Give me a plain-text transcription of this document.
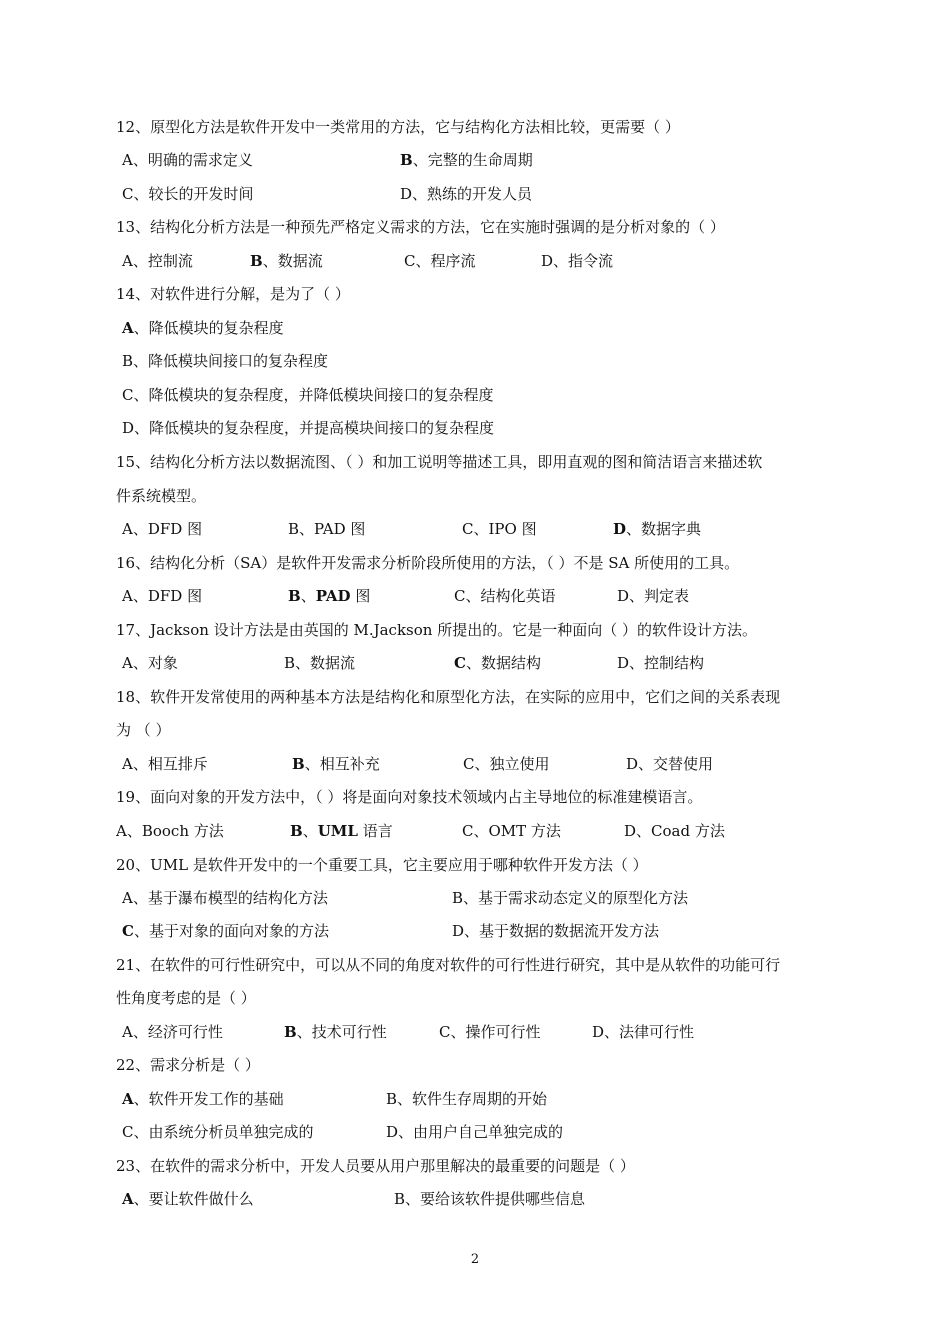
12、原型化方法是软件开发中一类常用的方法，它与结构化方法相比较，更需要（ ）
A、明确的需求定义	B、完整的生命周期
C、较长的开发时间	D、熟练的开发人员
13、结构化分析方法是一种预先严格定义需求的方法，它在实施时强调的是分析对象的（ ）
A、控制流	B、数据流	C、程序流	D、指令流
14、对软件进行分解，是为了（ ）
A、降低模块的复杂程度
B、降低模块间接口的复杂程度
C、降低模块的复杂程度，并降低模块间接口的复杂程度
D、降低模块的复杂程度，并提高模块间接口的复杂程度
15、结构化分析方法以数据流图、（ ）和加工说明等描述工具，即用直观的图和简洁语言来描述软
件系统模型。
A、DFD 图	B、PAD 图	C、IPO 图	D、数据字典
16、结构化分析（SA）是软件开发需求分析阶段所使用的方法，（ ）不是 SA 所使用的工具。
A、DFD 图	B、PAD 图	C、结构化英语	D、判定表
17、Jackson 设计方法是由英国的 M.Jackson 所提出的。它是一种面向（ ）的软件设计方法。
A、对象	B、数据流	C、数据结构	D、控制结构
18、软件开发常使用的两种基本方法是结构化和原型化方法，在实际的应用中，它们之间的关系表现
为 （ ）
A、相互排斥	B、相互补充	C、独立使用	D、交替使用
19、面向对象的开发方法中，（ ）将是面向对象技术领域内占主导地位的标准建模语言。
A、Booch 方法	B、UML 语言	C、OMT 方法	D、Coad 方法
20、UML 是软件开发中的一个重要工具，它主要应用于哪种软件开发方法（ ）
A、基于瀑布模型的结构化方法	B、基于需求动态定义的原型化方法
C、基于对象的面向对象的方法	D、基于数据的数据流开发方法
21、在软件的可行性研究中，可以从不同的角度对软件的可行性进行研究，其中是从软件的功能可行
性角度考虑的是（ ）
A、经济可行性	B、技术可行性	C、操作可行性	D、法律可行性
22、需求分析是（ ）
A、软件开发工作的基础	B、软件生存周期的开始
C、由系统分析员单独完成的	D、由用户自己单独完成的
23、在软件的需求分析中，开发人员要从用户那里解决的最重要的问题是（ ）
A、要让软件做什么	B、要给该软件提供哪些信息
2
